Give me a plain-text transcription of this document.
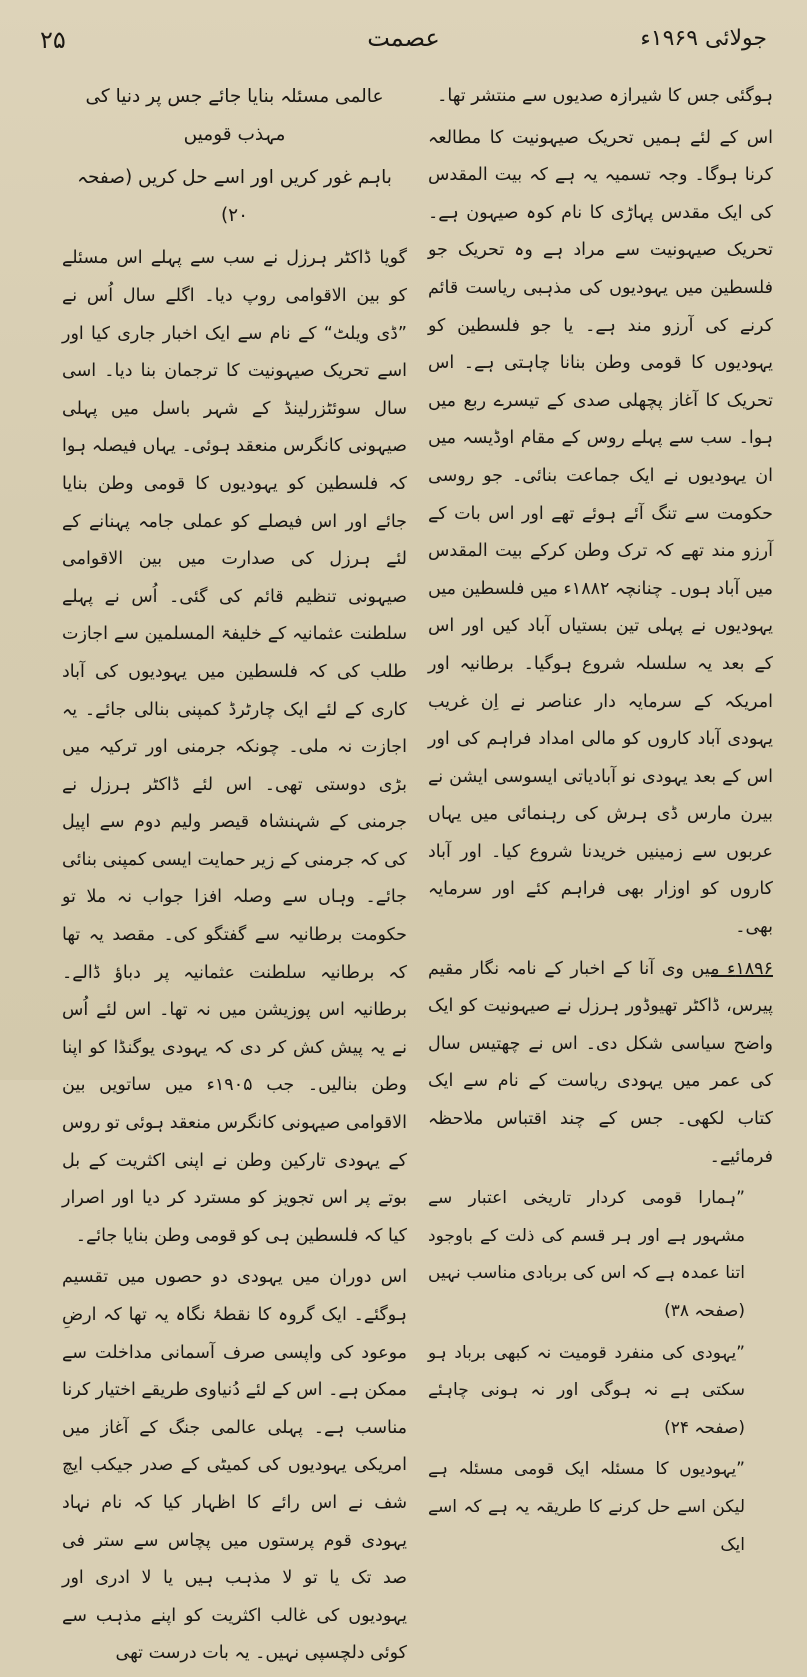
جولائی ۱۹۶۹ء
عصمت
۲۵

ہوگئی جس کا شیرازہ صدیوں سے منتشر تھا۔

اس کے لئے ہمیں تحریک صیہونیت کا مطالعہ کرنا ہوگا۔ وجہ تسمیہ یہ ہے کہ بیت المقدس کی ایک مقدس پہاڑی کا نام کوہ صیہون ہے۔ تحریک صیہونیت سے مراد ہے وہ تحریک جو فلسطین میں یہودیوں کی مذہبی ریاست قائم کرنے کی آرزو مند ہے۔ یا جو فلسطین کو یہودیوں کا قومی وطن بنانا چاہتی ہے۔ اس تحریک کا آغاز پچھلی صدی کے تیسرے ربع میں ہوا۔ سب سے پہلے روس کے مقام اوڈیسہ میں ان یہودیوں نے ایک جماعت بنائی۔ جو روسی حکومت سے تنگ آئے ہوئے تھے اور اس بات کے آرزو مند تھے کہ ترک وطن کرکے بیت المقدس میں آباد ہوں۔ چنانچہ ۱۸۸۲ء میں فلسطین میں یہودیوں نے پہلی تین بستیاں آباد کیں اور اس کے بعد یہ سلسلہ شروع ہوگیا۔ برطانیہ اور امریکہ کے سرمایہ دار عناصر نے اِن غریب یہودی آباد کاروں کو مالی امداد فراہم کی اور اس کے بعد یہودی نو آبادیاتی ایسوسی ایشن نے بیرن مارس ڈی ہرش کی رہنمائی میں یہاں عربوں سے زمینیں خریدنا شروع کیا۔ اور آباد کاروں کو اوزار بھی فراہم کئے اور سرمایہ بھی۔

۱۸۹۶ء میں وی آنا کے اخبار کے نامہ نگار مقیم پیرس، ڈاکٹر تھیوڈور ہرزل نے صیہونیت کو ایک واضح سیاسی شکل دی۔ اس نے چھتیس سال کی عمر میں یہودی ریاست کے نام سے ایک کتاب لکھی۔ جس کے چند اقتباس ملاحظہ فرمائیے۔

”ہمارا قومی کردار تاریخی اعتبار سے مشہور ہے اور ہر قسم کی ذلت کے باوجود اتنا عمدہ ہے کہ اس کی بربادی مناسب نہیں (صفحہ ۳۸)

”یہودی کی منفرد قومیت نہ کبھی برباد ہو سکتی ہے نہ ہوگی اور نہ ہونی چاہئے (صفحہ ۲۴)

”یہودیوں کا مسئلہ ایک قومی مسئلہ ہے لیکن اسے حل کرنے کا طریقہ یہ ہے کہ اسے ایک

عالمی مسئلہ بنایا جائے جس پر دنیا کی مہذب قومیں

باہم غور کریں اور اسے حل کریں (صفحہ ۲۰)

گویا ڈاکٹر ہرزل نے سب سے پہلے اس مسئلے کو بین الاقوامی روپ دیا۔ اگلے سال اُس نے ”ڈی ویلٹ“ کے نام سے ایک اخبار جاری کیا اور اسے تحریک صیہونیت کا ترجمان بنا دیا۔ اسی سال سوئٹزرلینڈ کے شہر باسل میں پہلی صیہونی کانگرس منعقد ہوئی۔ یہاں فیصلہ ہوا کہ فلسطین کو یہودیوں کا قومی وطن بنایا جائے اور اس فیصلے کو عملی جامہ پہنانے کے لئے ہرزل کی صدارت میں بین الاقوامی صیہونی تنظیم قائم کی گئی۔ اُس نے پہلے سلطنت عثمانیہ کے خلیفۃ المسلمین سے اجازت طلب کی کہ فلسطین میں یہودیوں کی آباد کاری کے لئے ایک چارٹرڈ کمپنی بنالی جائے۔ یہ اجازت نہ ملی۔ چونکہ جرمنی اور ترکیہ میں بڑی دوستی تھی۔ اس لئے ڈاکٹر ہرزل نے جرمنی کے شہنشاہ قیصر ولیم دوم سے اپیل کی کہ جرمنی کے زیر حمایت ایسی کمپنی بنائی جائے۔ وہاں سے وصلہ افزا جواب نہ ملا تو حکومت برطانیہ سے گفتگو کی۔ مقصد یہ تھا کہ برطانیہ سلطنت عثمانیہ پر دباؤ ڈالے۔ برطانیہ اس پوزیشن میں نہ تھا۔ اس لئے اُس نے یہ پیش کش کر دی کہ یہودی یوگنڈا کو اپنا وطن بنالیں۔ جب ۱۹۰۵ء میں ساتویں بین الاقوامی صیہونی کانگرس منعقد ہوئی تو روس کے یہودی تارکین وطن نے اپنی اکثریت کے بل بوتے پر اس تجویز کو مسترد کر دیا اور اصرار کیا کہ فلسطین ہی کو قومی وطن بنایا جائے۔

اس دوران میں یہودی دو حصوں میں تقسیم ہوگئے۔ ایک گروہ کا نقطۂ نگاہ یہ تھا کہ ارضِ موعود کی واپسی صرف آسمانی مداخلت سے ممکن ہے۔ اس کے لئے دُنیاوی طریقے اختیار کرنا مناسب ہے۔ پہلی عالمی جنگ کے آغاز میں امریکی یہودیوں کی کمیٹی کے صدر جیکب ایچ شف نے اس رائے کا اظہار کیا کہ نام نہاد یہودی قوم پرستوں میں پچاس سے ستر فی صد تک یا تو لا مذہب ہیں یا لا ادری اور یہودیوں کی غالب اکثریت کو اپنے مذہب سے کوئی دلچسپی نہیں۔ یہ بات درست تھی
